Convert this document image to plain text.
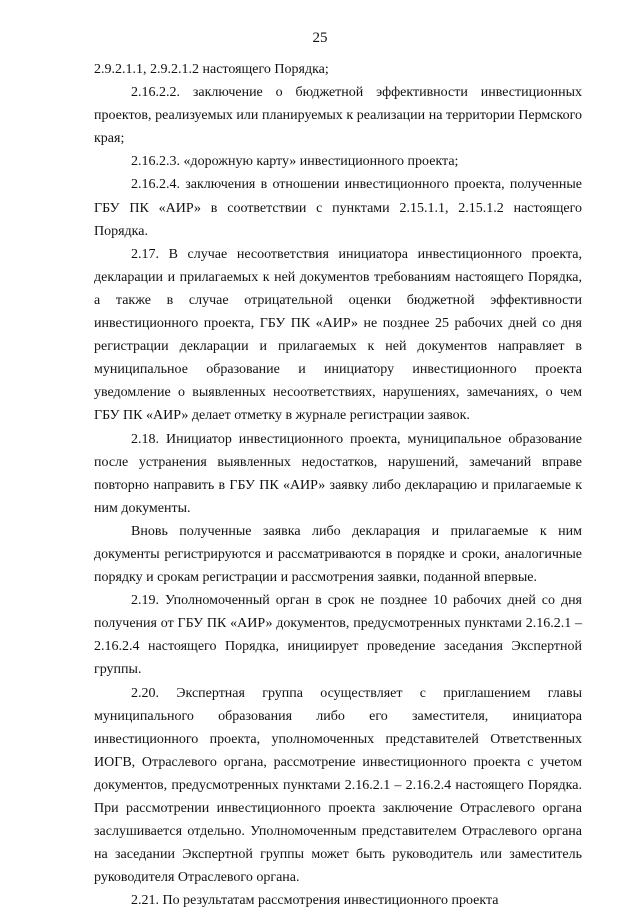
25

2.9.2.1.1, 2.9.2.1.2 настоящего Порядка;

2.16.2.2. заключение о бюджетной эффективности инвестиционных проектов, реализуемых или планируемых к реализации на территории Пермского края;

2.16.2.3. «дорожную карту» инвестиционного проекта;

2.16.2.4. заключения в отношении инвестиционного проекта, полученные ГБУ ПК «АИР» в соответствии с пунктами 2.15.1.1, 2.15.1.2 настоящего Порядка.

2.17. В случае несоответствия инициатора инвестиционного проекта, декларации и прилагаемых к ней документов требованиям настоящего Порядка, а также в случае отрицательной оценки бюджетной эффективности инвестиционного проекта, ГБУ ПК «АИР» не позднее 25 рабочих дней со дня регистрации декларации и прилагаемых к ней документов направляет в муниципальное образование и инициатору инвестиционного проекта уведомление о выявленных несоответствиях, нарушениях, замечаниях, о чем ГБУ ПК «АИР» делает отметку в журнале регистрации заявок.

2.18. Инициатор инвестиционного проекта, муниципальное образование после устранения выявленных недостатков, нарушений, замечаний вправе повторно направить в ГБУ ПК «АИР» заявку либо декларацию и прилагаемые к ним документы.

Вновь полученные заявка либо декларация и прилагаемые к ним документы регистрируются и рассматриваются в порядке и сроки, аналогичные порядку и срокам регистрации и рассмотрения заявки, поданной впервые.

2.19. Уполномоченный орган в срок не позднее 10 рабочих дней со дня получения от ГБУ ПК «АИР» документов, предусмотренных пунктами 2.16.2.1 – 2.16.2.4 настоящего Порядка, инициирует проведение заседания Экспертной группы.

2.20. Экспертная группа осуществляет с приглашением главы муниципального образования либо его заместителя, инициатора инвестиционного проекта, уполномоченных представителей Ответственных ИОГВ, Отраслевого органа, рассмотрение инвестиционного проекта с учетом документов, предусмотренных пунктами 2.16.2.1 – 2.16.2.4 настоящего Порядка. При рассмотрении инвестиционного проекта заключение Отраслевого органа заслушивается отдельно. Уполномоченным представителем Отраслевого органа на заседании Экспертной группы может быть руководитель или заместитель руководителя Отраслевого органа.

2.21. По результатам рассмотрения инвестиционного проекта
